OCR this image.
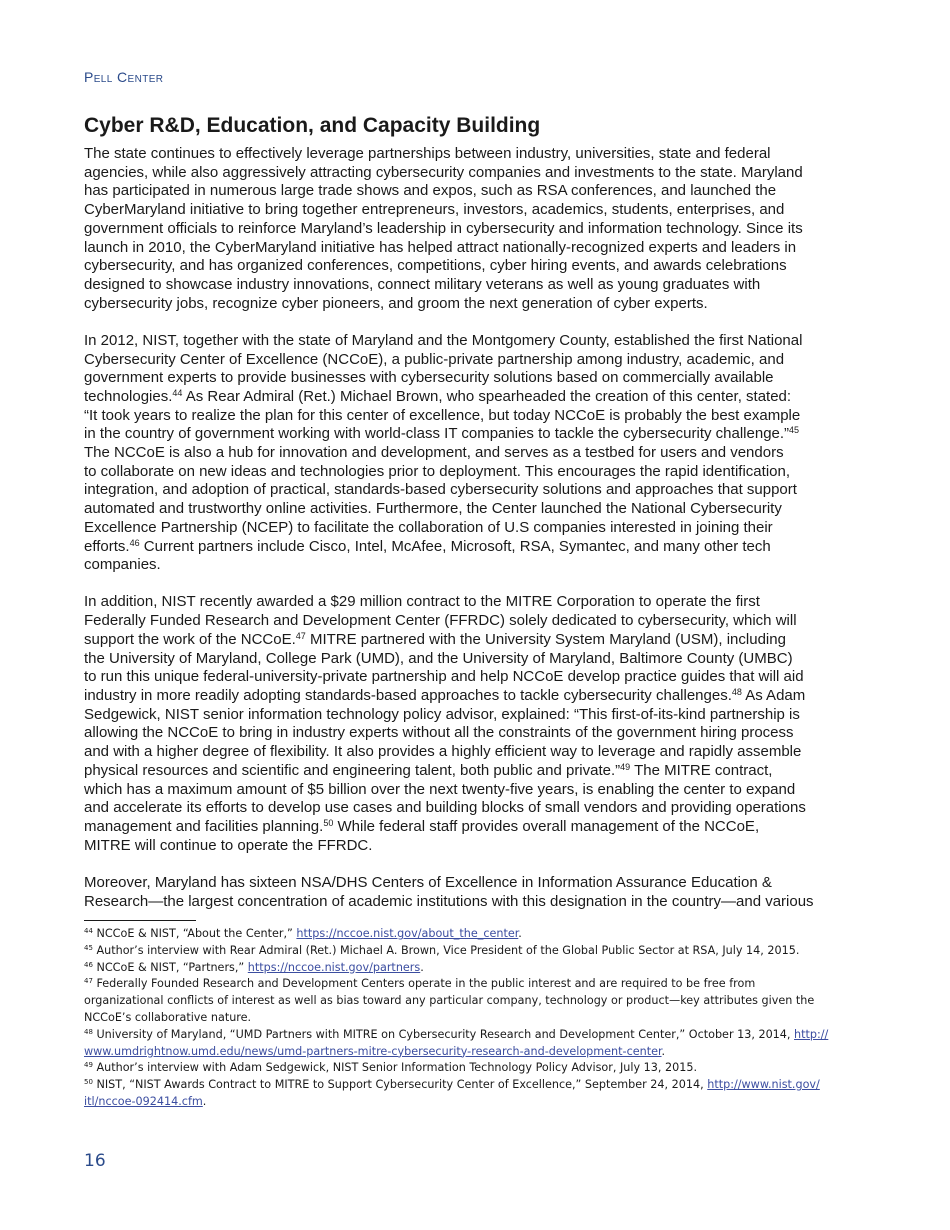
Pell Center
Cyber R&D, Education, and Capacity Building

The state continues to effectively leverage partnerships between industry, universities, state and federal
agencies, while also aggressively attracting cybersecurity companies and investments to the state. Maryland
has participated in numerous large trade shows and expos, such as RSA conferences, and launched the
CyberMaryland initiative to bring together entrepreneurs, investors, academics, students, enterprises, and
government officials to reinforce Maryland’s leadership in cybersecurity and information technology. Since its
launch in 2010, the CyberMaryland initiative has helped attract nationally-recognized experts and leaders in
cybersecurity, and has organized conferences, competitions, cyber hiring events, and awards celebrations
designed to showcase industry innovations, connect military veterans as well as young graduates with
cybersecurity jobs, recognize cyber pioneers, and groom the next generation of cyber experts.

In 2012, NIST, together with the state of Maryland and the Montgomery County, established the first National
Cybersecurity Center of Excellence (NCCoE), a public-private partnership among industry, academic, and
government experts to provide businesses with cybersecurity solutions based on commercially available
technologies.$^{44}$ As Rear Admiral (Ret.) Michael Brown, who spearheaded the creation of this center, stated:
“It took years to realize the plan for this center of excellence, but today NCCoE is probably the best example
in the country of government working with world-class IT companies to tackle the cybersecurity challenge.”$^{45}$
The NCCoE is also a hub for innovation and development, and serves as a testbed for users and vendors
to collaborate on new ideas and technologies prior to deployment. This encourages the rapid identification,
integration, and adoption of practical, standards-based cybersecurity solutions and approaches that support
automated and trustworthy online activities. Furthermore, the Center launched the National Cybersecurity
Excellence Partnership (NCEP) to facilitate the collaboration of U.S companies interested in joining their
efforts.$^{46}$ Current partners include Cisco, Intel, McAfee, Microsoft, RSA, Symantec, and many other tech
companies.

In addition, NIST recently awarded a $29 million contract to the MITRE Corporation to operate the first
Federally Funded Research and Development Center (FFRDC) solely dedicated to cybersecurity, which will
support the work of the NCCoE.$^{47}$ MITRE partnered with the University System Maryland (USM), including
the University of Maryland, College Park (UMD), and the University of Maryland, Baltimore County (UMBC)
to run this unique federal-university-private partnership and help NCCoE develop practice guides that will aid
industry in more readily adopting standards-based approaches to tackle cybersecurity challenges.$^{48}$ As Adam
Sedgewick, NIST senior information technology policy advisor, explained: “This first-of-its-kind partnership is
allowing the NCCoE to bring in industry experts without all the constraints of the government hiring process
and with a higher degree of flexibility. It also provides a highly efficient way to leverage and rapidly assemble
physical resources and scientific and engineering talent, both public and private.”$^{49}$ The MITRE contract,
which has a maximum amount of $5 billion over the next twenty-five years, is enabling the center to expand
and accelerate its efforts to develop use cases and building blocks of small vendors and providing operations
management and facilities planning.$^{50}$ While federal staff provides overall management of the NCCoE,
MITRE will continue to operate the FFRDC.

Moreover, Maryland has sixteen NSA/DHS Centers of Excellence in Information Assurance Education &
Research—the largest concentration of academic institutions with this designation in the country—and various

$^{44}$ NCCoE & NIST, “About the Center,” https://nccoe.nist.gov/about_the_center.
$^{45}$ Author’s interview with Rear Admiral (Ret.) Michael A. Brown, Vice President of the Global Public Sector at RSA, July 14, 2015.
$^{46}$ NCCoE & NIST, “Partners,” https://nccoe.nist.gov/partners.
$^{47}$ Federally Founded Research and Development Centers operate in the public interest and are required to be free from
organizational conflicts of interest as well as bias toward any particular company, technology or product—key attributes given the
NCCoE’s collaborative nature.
$^{48}$ University of Maryland, “UMD Partners with MITRE on Cybersecurity Research and Development Center,” October 13, 2014, http://
www.umdrightnow.umd.edu/news/umd-partners-mitre-cybersecurity-research-and-development-center.
$^{49}$ Author’s interview with Adam Sedgewick, NIST Senior Information Technology Policy Advisor, July 13, 2015.
$^{50}$ NIST, “NIST Awards Contract to MITRE to Support Cybersecurity Center of Excellence,” September 24, 2014, http://www.nist.gov/
itl/nccoe-092414.cfm.
16
